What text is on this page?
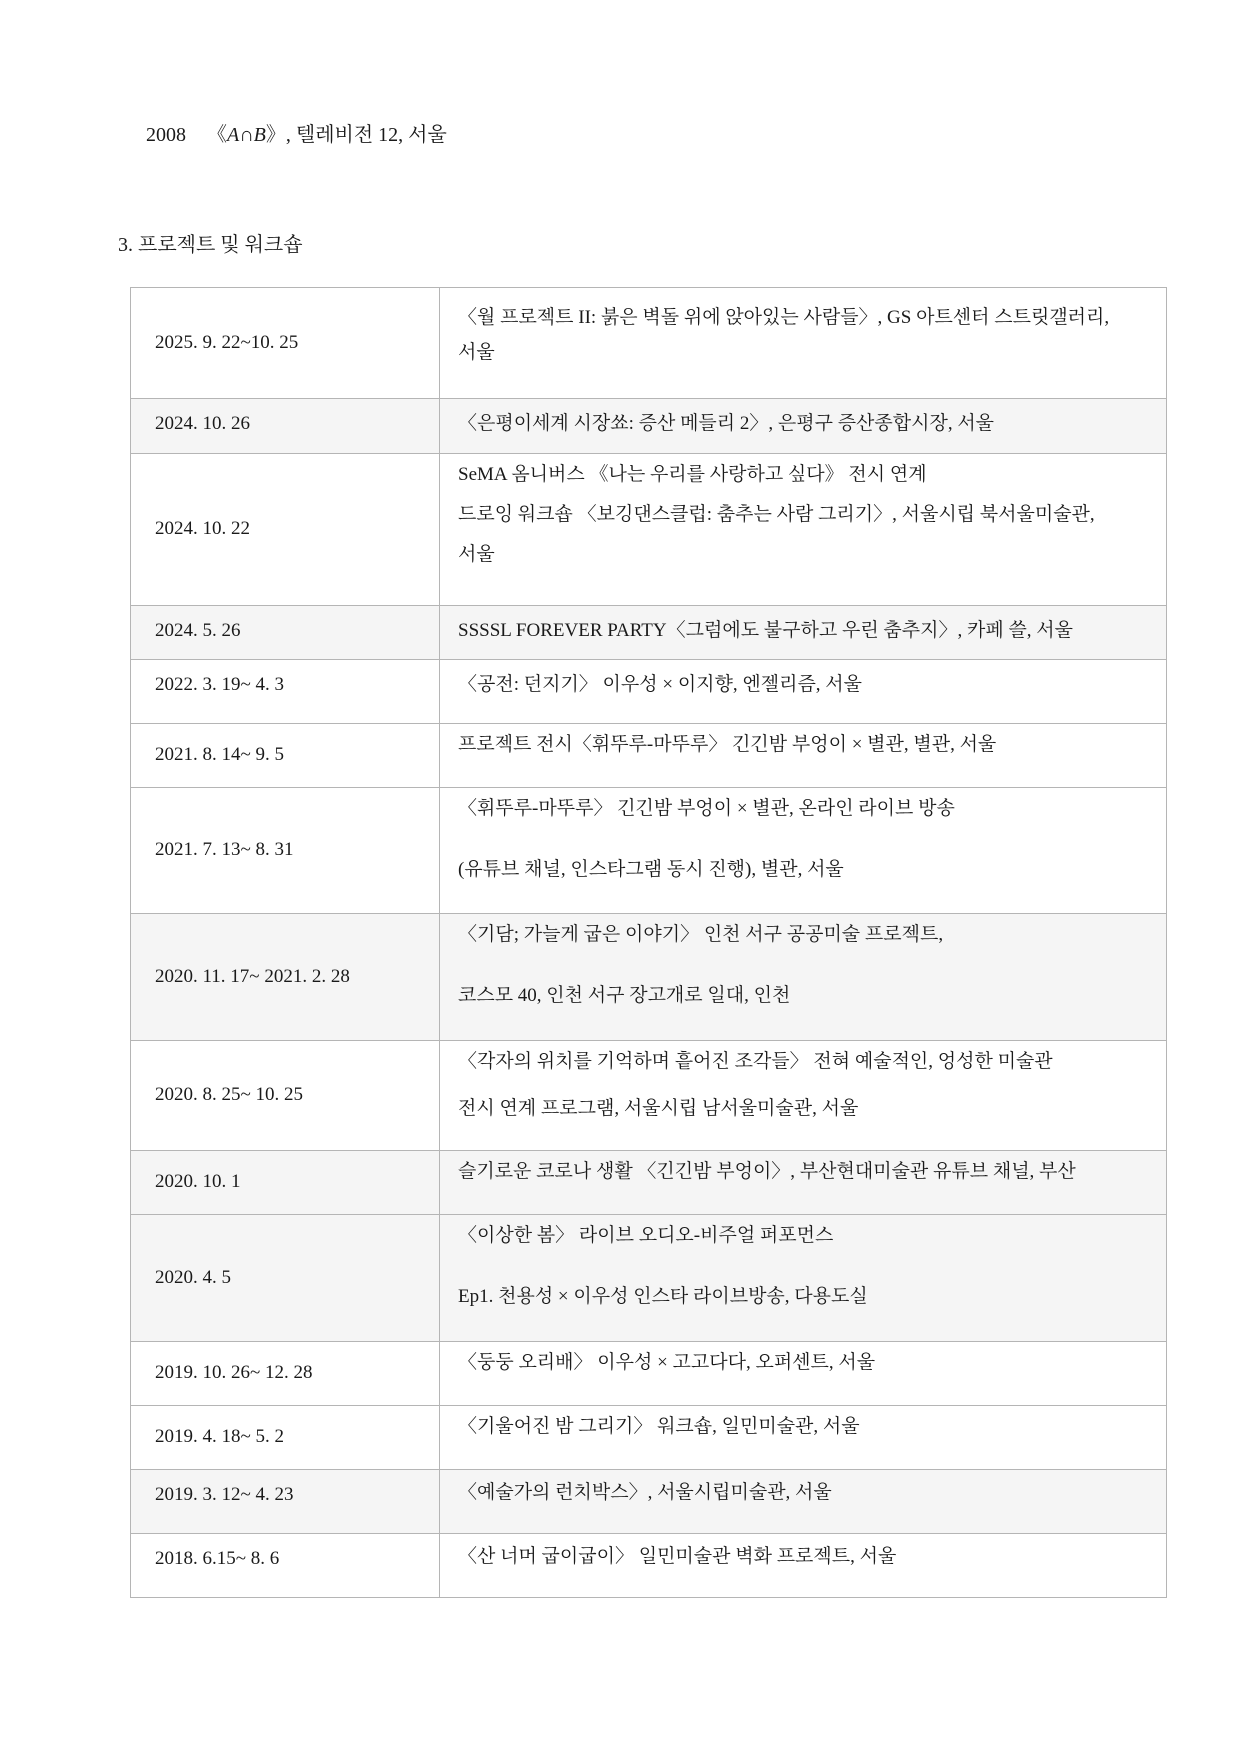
2008 《A∩B》, 텔레비전 12, 서울
3. 프로젝트 및 워크숍
2025. 9. 22~10. 25	〈월 프로젝트 II: 붉은 벽돌 위에 앉아있는 사람들〉, GS 아트센터 스트릿갤러리,
서울

2024. 10. 26	〈은평이세계 시장쑈: 증산 메들리 2〉, 은평구 증산종합시장, 서울

2024. 10. 22	SeMA 옴니버스 《나는 우리를 사랑하고 싶다》 전시 연계
드로잉 워크숍 〈보깅댄스클럽: 춤추는 사람 그리기〉, 서울시립 북서울미술관,
서울

2024. 5. 26	SSSSL FOREVER PARTY〈그럼에도 불구하고 우린 춤추지〉, 카페 쓸, 서울

2022. 3. 19~ 4. 3	〈공전: 던지기〉 이우성 × 이지향, 엔젤리즘, 서울

2021. 8. 14~ 9. 5	프로젝트 전시〈휘뚜루-마뚜루〉 긴긴밤 부엉이 × 별관, 별관, 서울

2021. 7. 13~ 8. 31	〈휘뚜루-마뚜루〉 긴긴밤 부엉이 × 별관, 온라인 라이브 방송
(유튜브 채널, 인스타그램 동시 진행), 별관, 서울

2020. 11. 17~ 2021. 2. 28	〈기담; 가늘게 굽은 이야기〉 인천 서구 공공미술 프로젝트,
코스모 40, 인천 서구 장고개로 일대, 인천

2020. 8. 25~ 10. 25	〈각자의 위치를 기억하며 흩어진 조각들〉 전혀 예술적인, 엉성한 미술관
전시 연계 프로그램, 서울시립 남서울미술관, 서울

2020. 10. 1	슬기로운 코로나 생활 〈긴긴밤 부엉이〉, 부산현대미술관 유튜브 채널, 부산

2020. 4. 5	〈이상한 봄〉 라이브 오디오-비주얼 퍼포먼스
Ep1. 천용성 × 이우성 인스타 라이브방송, 다용도실

2019. 10. 26~ 12. 28	〈둥둥 오리배〉 이우성 × 고고다다, 오퍼센트, 서울

2019. 4. 18~ 5. 2	〈기울어진 밤 그리기〉 워크숍, 일민미술관, 서울

2019. 3. 12~ 4. 23	〈예술가의 런치박스〉, 서울시립미술관, 서울

2018. 6.15~ 8. 6	〈산 너머 굽이굽이〉 일민미술관 벽화 프로젝트, 서울
